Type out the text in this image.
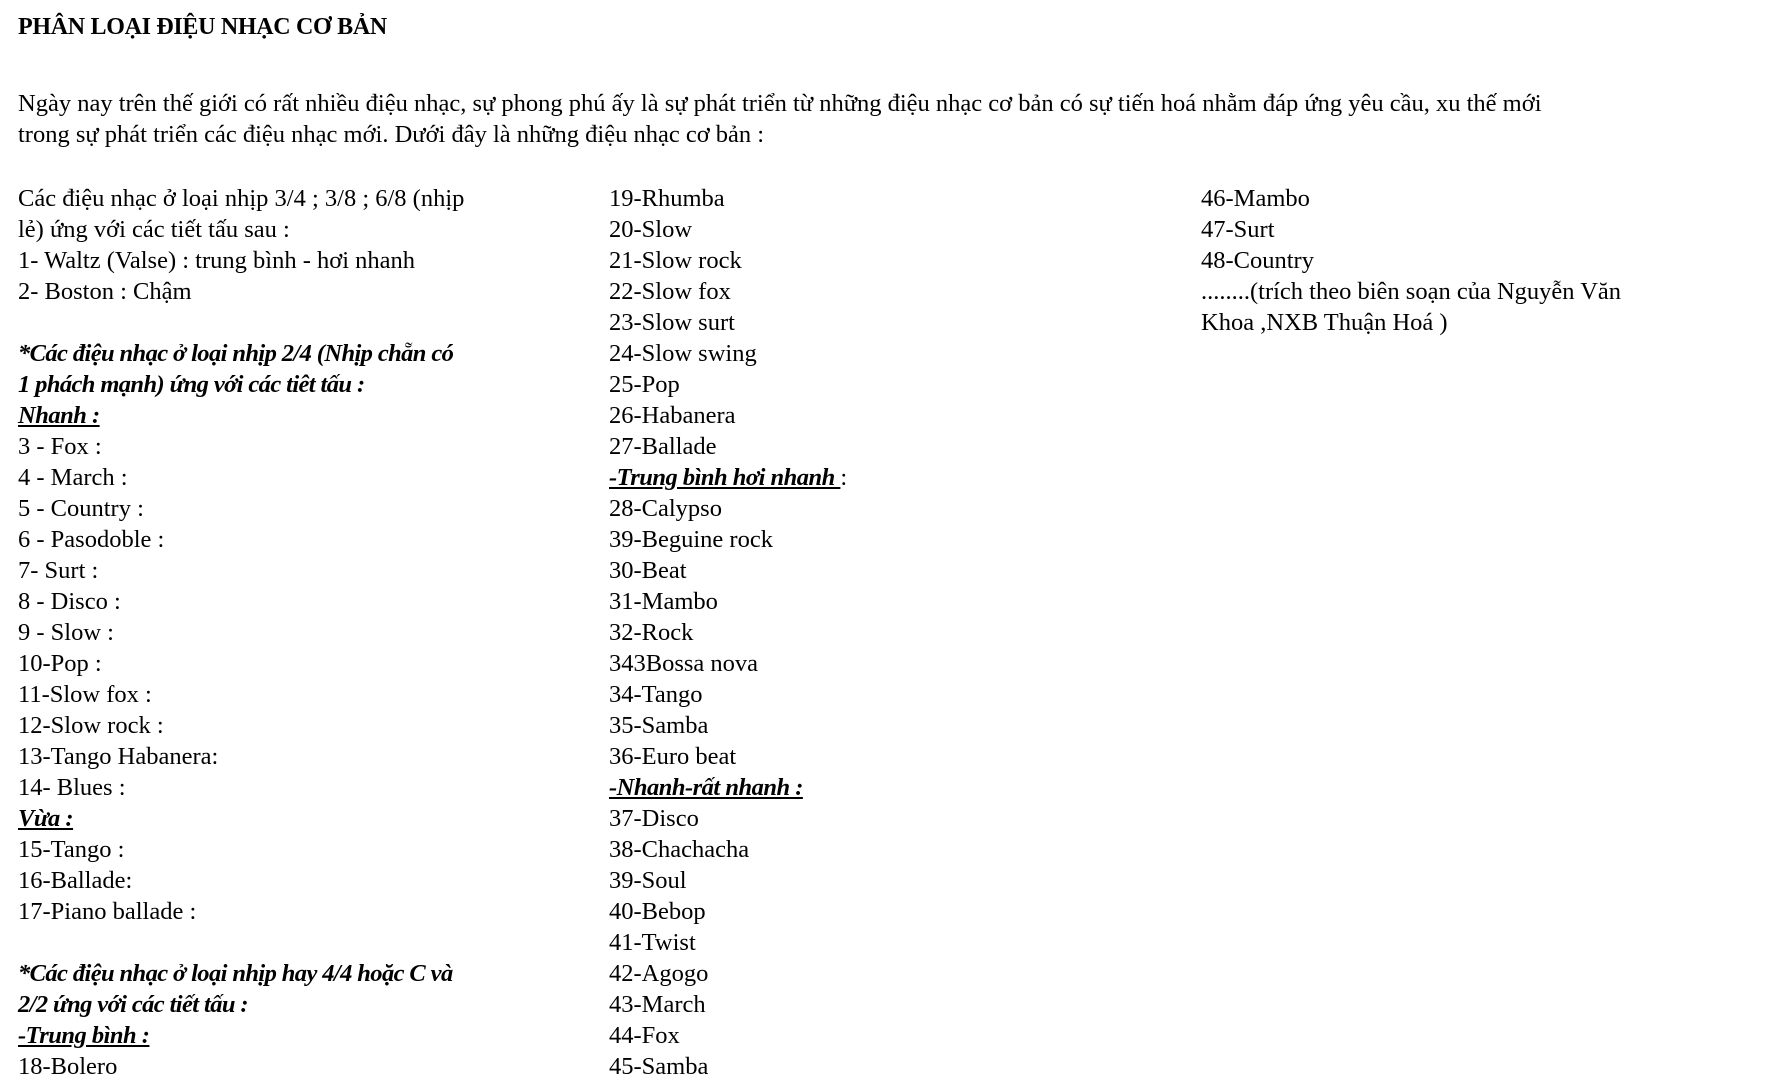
PHÂN LOẠI ĐIỆU NHẠC CƠ BẢN
Ngày nay trên thế giới có rất nhiều điệu nhạc, sự phong phú ấy là sự phát triển từ những điệu nhạc cơ bản có sự tiến hoá nhằm đáp ứng yêu cầu, xu thế mới
trong sự phát triển các điệu nhạc mới. Dưới đây là những điệu nhạc cơ bản :
Các điệu nhạc ở loại nhịp 3/4 ; 3/8 ; 6/8 (nhịp
lẻ) ứng với các tiết tấu sau :
1- Waltz (Valse) : trung bình - hơi nhanh
2- Boston : Chậm
*Các điệu nhạc ở loại nhịp 2/4 (Nhịp chẵn có
1 phách mạnh) ứng với các tiêt tấu :
Nhanh :
3 - Fox :
4 - March :
5 - Country :
6 - Pasodoble :
7- Surt :
8 - Disco :
9 - Slow :
10-Pop :
11-Slow fox :
12-Slow rock :
13-Tango Habanera:
14- Blues :
Vừa :
15-Tango :
16-Ballade:
17-Piano ballade :
*Các điệu nhạc ở loại nhịp hay 4/4 hoặc C và
2/2 ứng với các tiết tấu :
-Trung bình :
18-Bolero
19-Rhumba
20-Slow
21-Slow rock
22-Slow fox
23-Slow surt
24-Slow swing
25-Pop
26-Habanera
27-Ballade
-Trung bình hơi nhanh :
28-Calypso
39-Beguine rock
30-Beat
31-Mambo
32-Rock
343Bossa nova
34-Tango
35-Samba
36-Euro beat
-Nhanh-rất nhanh :
37-Disco
38-Chachacha
39-Soul
40-Bebop
41-Twist
42-Agogo
43-March
44-Fox
45-Samba
46-Mambo
47-Surt
48-Country
........(trích theo biên soạn của Nguyễn Văn
Khoa ,NXB Thuận Hoá )
